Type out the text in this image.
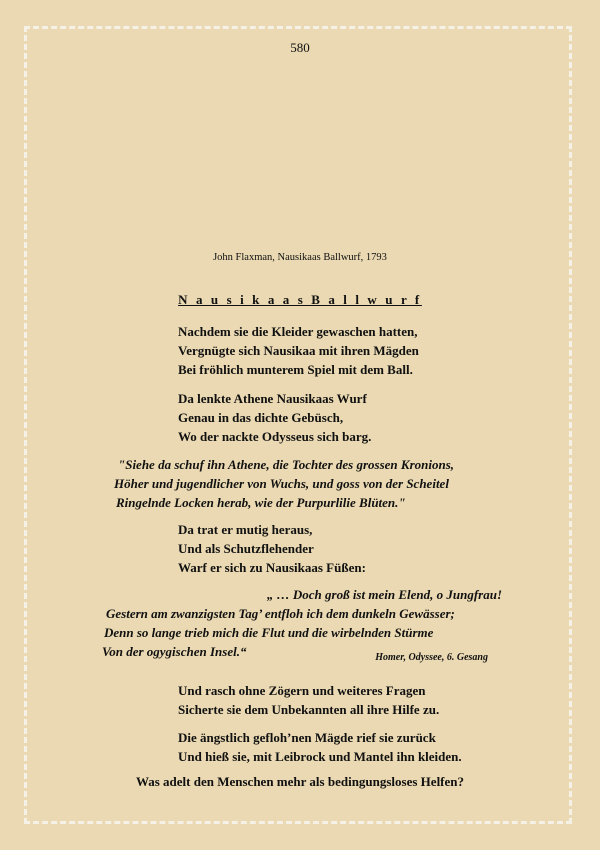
580
John Flaxman, Nausikaas Ballwurf, 1793
N a u s i k a a s B a l l w u r f
Nachdem sie die Kleider gewaschen hatten,
Vergnügte sich Nausikaa mit ihren Mägden
Bei fröhlich munterem Spiel mit dem Ball.
Da lenkte Athene Nausikaas Wurf
Genau in das dichte Gebüsch,
Wo der nackte Odysseus sich barg.
"Siehe da schuf ihn Athene, die Tochter des grossen Kronions,
Höher und jugendlicher von Wuchs, und goss von der Scheitel
Ringelnde Locken herab, wie der Purpurlilie Blüten."
Da trat er mutig heraus,
Und als Schutzflehender
Warf er sich zu Nausikaas Füßen:
„ … Doch groß ist mein Elend, o Jungfrau!
Gestern am zwanzigsten Tag’ entfloh ich dem dunkeln Gewässer;
Denn so lange trieb mich die Flut und die wirbelnden Stürme
Von der ogygischen Insel.“	Homer, Odyssee, 6. Gesang
Und rasch ohne Zögern und weiteres Fragen
Sicherte sie dem Unbekannten all ihre Hilfe zu.
Die ängstlich gefloh’nen Mägde rief sie zurück
Und hieß sie, mit Leibrock und Mantel ihn kleiden.
Was adelt den Menschen mehr als bedingungsloses Helfen?
